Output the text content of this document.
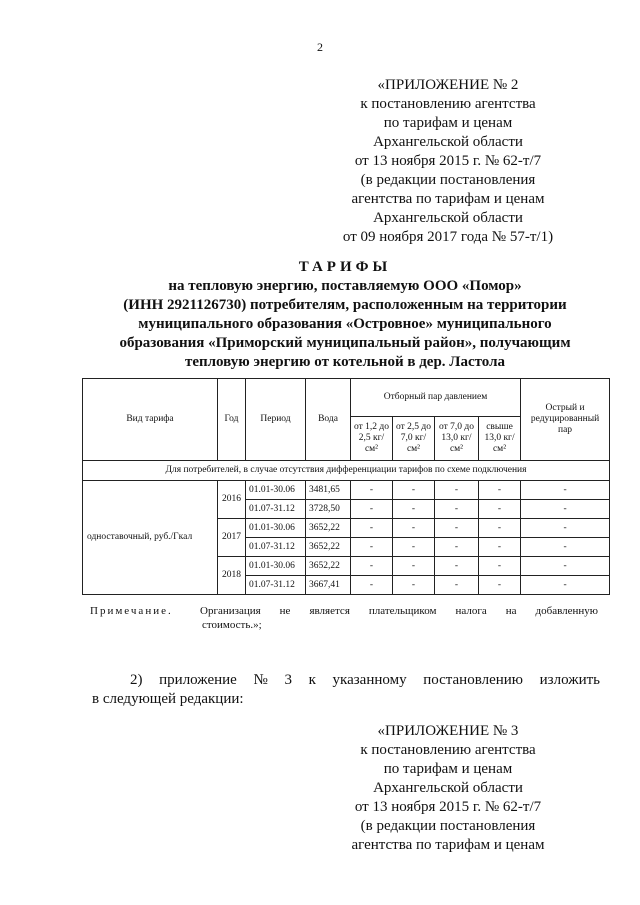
2
«ПРИЛОЖЕНИЕ № 2
к постановлению агентства
по тарифам и ценам
Архангельской области
от 13 ноября 2015 г. № 62-т/7
(в редакции постановления
агентства по тарифам и ценам
Архангельской области
от 09 ноября 2017 года № 57-т/1)
ТАРИФЫ
на тепловую энергию, поставляемую ООО «Помор»
(ИНН 2921126730) потребителям, расположенным на территории
муниципального образования «Островное» муниципального
образования «Приморский муниципальный район», получающим
тепловую энергию от котельной в дер. Ластола
Вид тарифа	Год	Период	Вода	Отборный пар давлением				Острый и редуцированный пар
				от 1,2 до 2,5 кг/см²	от 2,5 до 7,0 кг/см²	от 7,0 до 13,0 кг/см²	свыше 13,0 кг/см²	
Для потребителей, в случае отсутствия дифференциации тарифов по схеме подключения								
одноставочный, руб./Гкал	2016	01.01-30.06	3481,65	-	-	-	-	-
		01.07-31.12	3728,50	-	-	-	-	-
	2017	01.01-30.06	3652,22	-	-	-	-	-
		01.07-31.12	3652,22	-	-	-	-	-
	2018	01.01-30.06	3652,22	-	-	-	-	-
		01.07-31.12	3667,41	-	-	-	-	-
Примечание.	Организация не является плательщиком налога на добавленную
стоимость.»;
2) приложение № 3 к указанному постановлению изложить
в следующей редакции:
«ПРИЛОЖЕНИЕ № 3
к постановлению агентства
по тарифам и ценам
Архангельской области
от 13 ноября 2015 г. № 62-т/7
(в редакции постановления
агентства по тарифам и ценам
